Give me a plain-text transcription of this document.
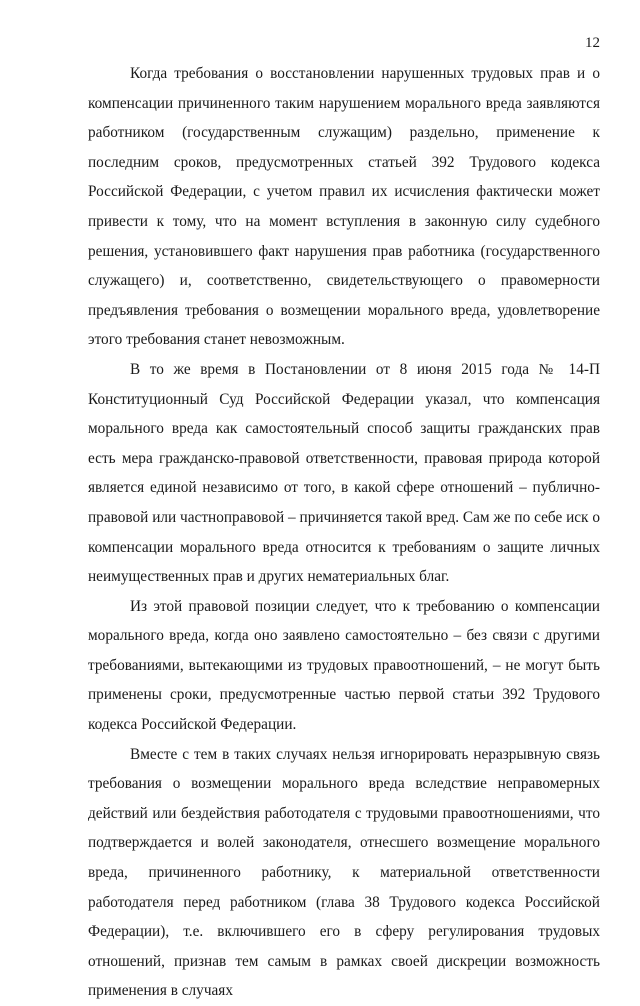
12

Когда требования о восстановлении нарушенных трудовых прав и о компенсации причиненного таким нарушением морального вреда заявляются работником (государственным служащим) раздельно, применение к последним сроков, предусмотренных статьей 392 Трудового кодекса Российской Федерации, с учетом правил их исчисления фактически может привести к тому, что на момент вступления в законную силу судебного решения, установившего факт нарушения прав работника (государственного служащего) и, соответственно, свидетельствующего о правомерности предъявления требования о возмещении морального вреда, удовлетворение этого требования станет невозможным.

В то же время в Постановлении от 8 июня 2015 года № 14-П Конституционный Суд Российской Федерации указал, что компенсация морального вреда как самостоятельный способ защиты гражданских прав есть мера гражданско-правовой ответственности, правовая природа которой является единой независимо от того, в какой сфере отношений – публично-правовой или частноправовой – причиняется такой вред. Сам же по себе иск о компенсации морального вреда относится к требованиям о защите личных неимущественных прав и других нематериальных благ.

Из этой правовой позиции следует, что к требованию о компенсации морального вреда, когда оно заявлено самостоятельно – без связи с другими требованиями, вытекающими из трудовых правоотношений, – не могут быть применены сроки, предусмотренные частью первой статьи 392 Трудового кодекса Российской Федерации.

Вместе с тем в таких случаях нельзя игнорировать неразрывную связь требования о возмещении морального вреда вследствие неправомерных действий или бездействия работодателя с трудовыми правоотношениями, что подтверждается и волей законодателя, отнесшего возмещение морального вреда, причиненного работнику, к материальной ответственности работодателя перед работником (глава 38 Трудового кодекса Российской Федерации), т.е. включившего его в сферу регулирования трудовых отношений, признав тем самым в рамках своей дискреции возможность применения в случаях
